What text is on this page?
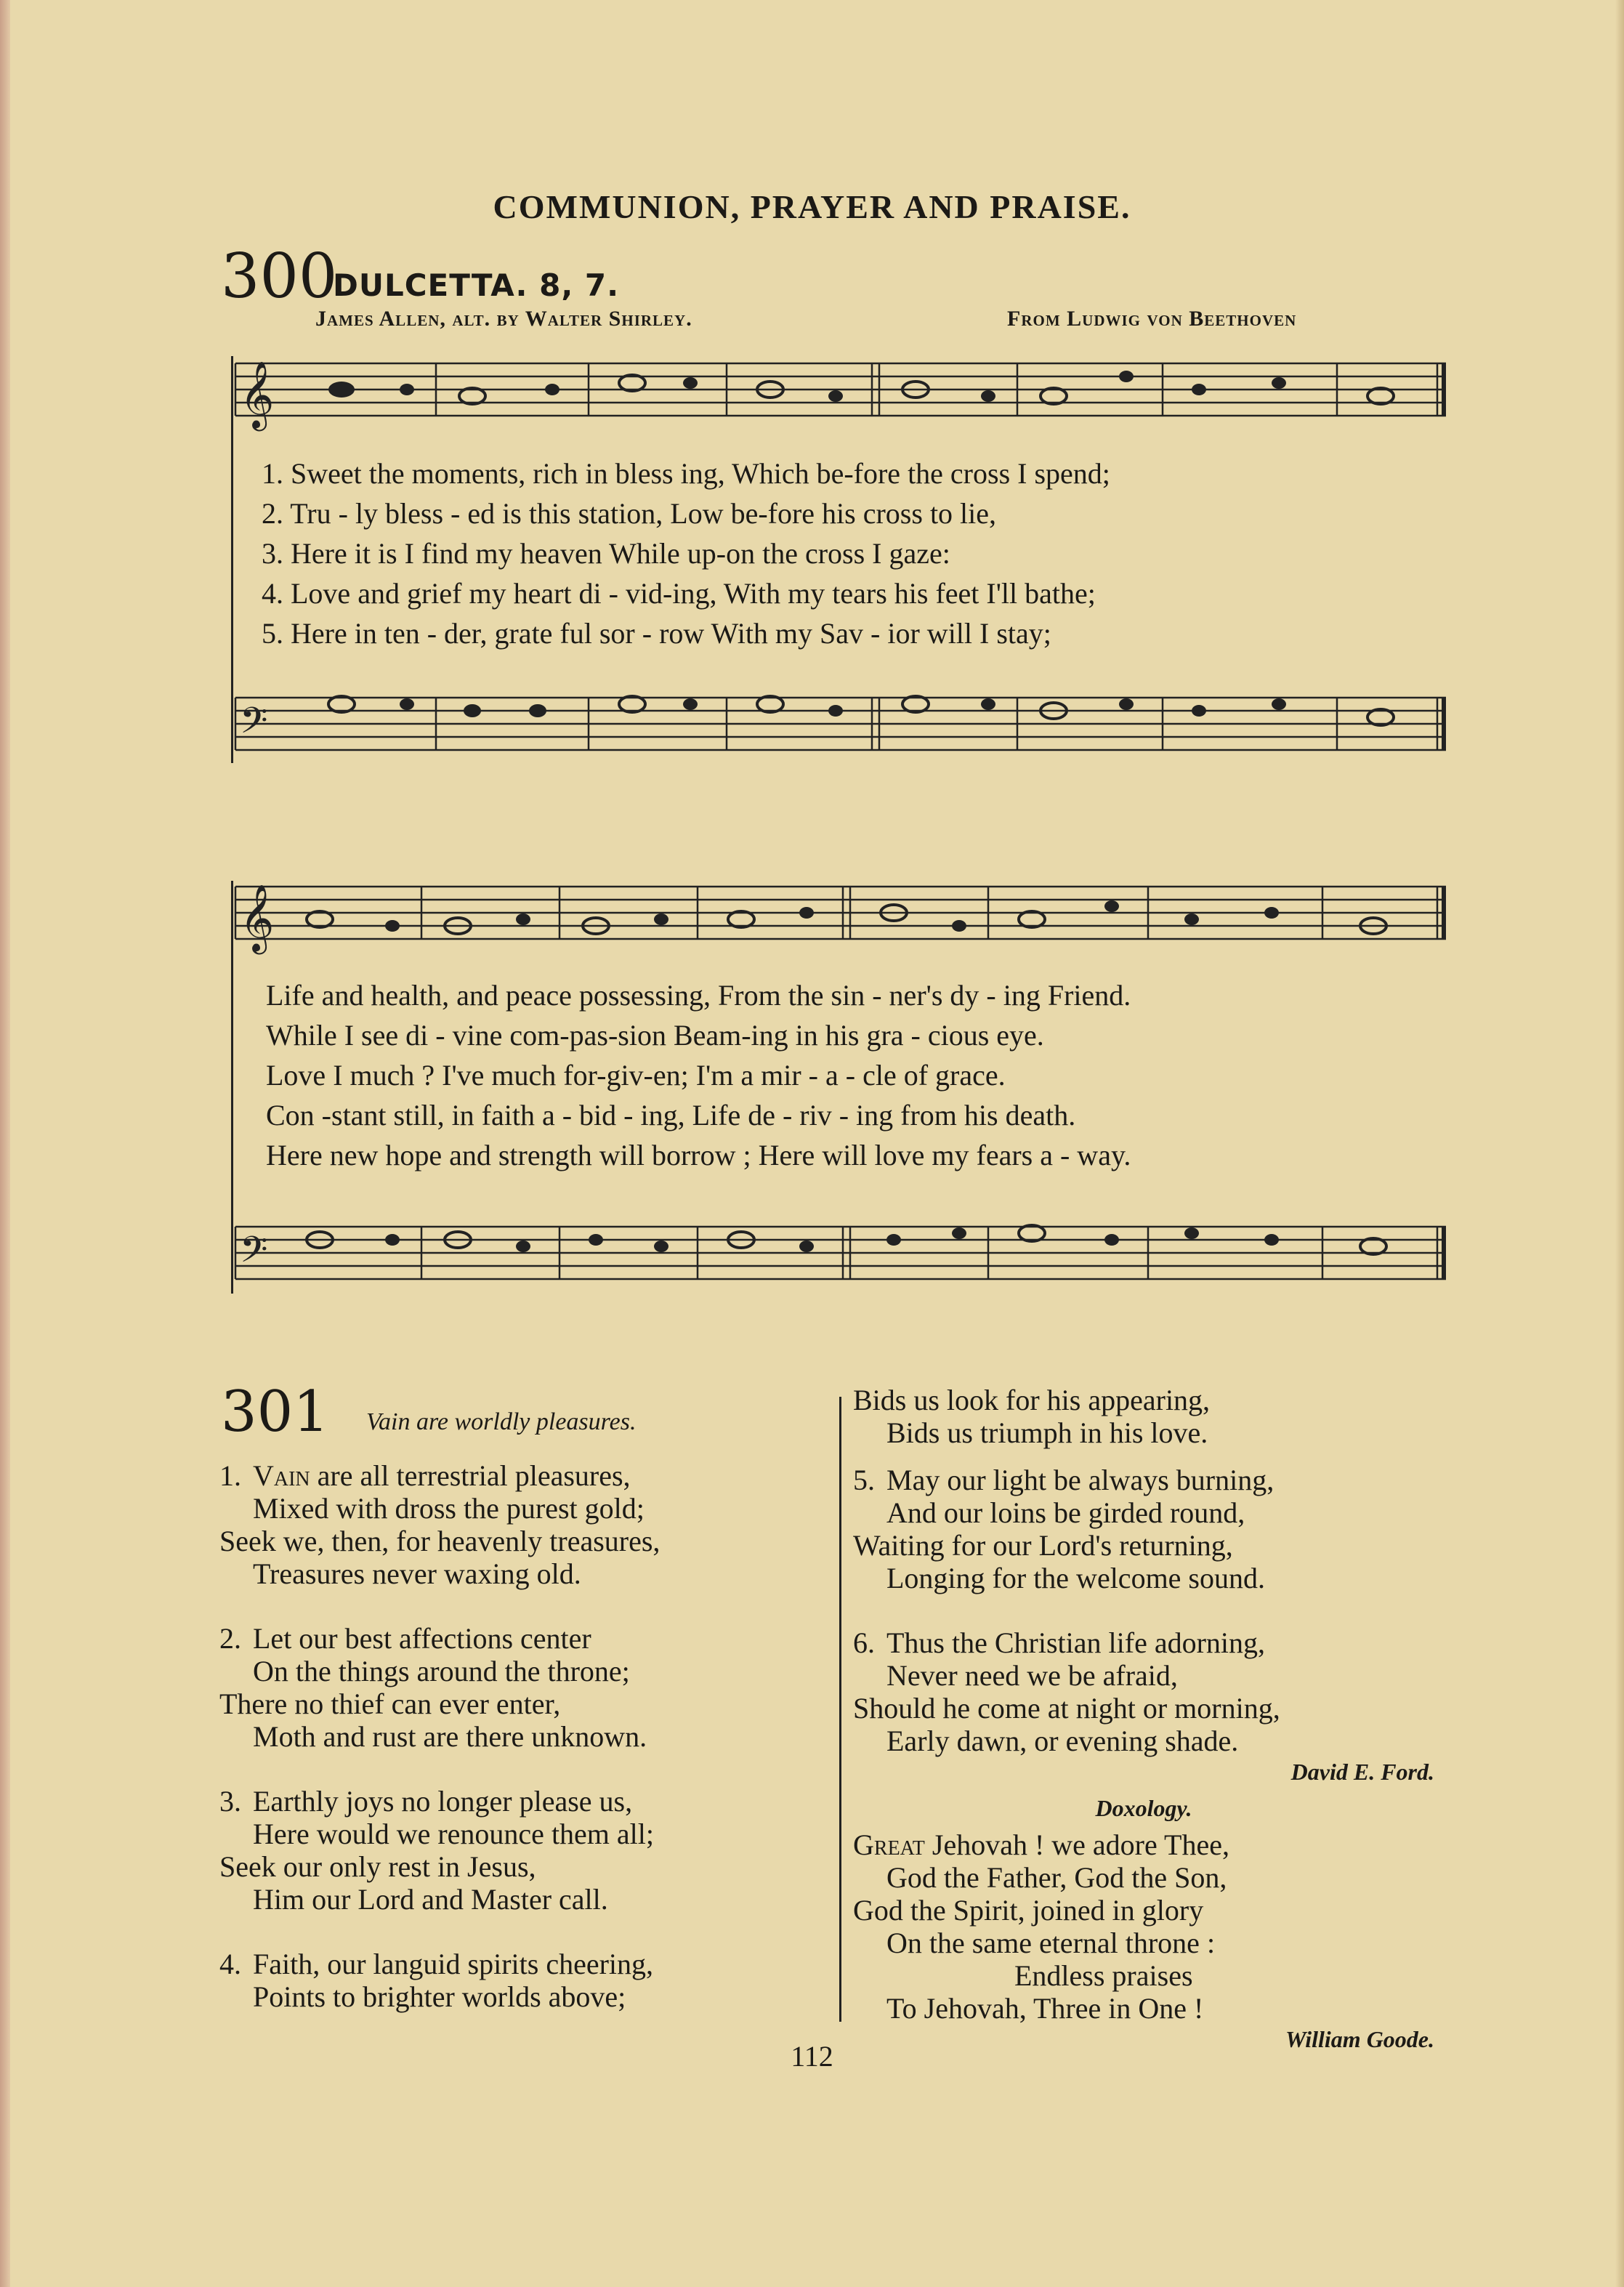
COMMUNION, PRAYER AND PRAISE.
300
DULCETTA. 8, 7.
James Allen, alt. by Walter Shirley.	From Ludwig von Beethoven
𝄞
𝄢
𝄞
𝄢
1. Sweet the moments, rich in bless ing, Which be-fore the cross I spend;
2. Tru - ly bless - ed is this station, Low be-fore his cross to lie,
3. Here it is I find my heaven While up-on the cross I gaze:
4. Love and grief my heart di - vid-ing, With my tears his feet I'll bathe;
5. Here in ten - der, grate ful sor - row With my Sav - ior will I stay;
Life and health, and peace possessing, From the sin - ner's dy - ing Friend.
While I see di - vine com-pas-sion Beam-ing in his gra - cious eye.
Love I much ? I've much for-giv-en; I'm a mir - a - cle of grace.
Con -stant still, in faith a - bid - ing, Life de - riv - ing from his death.
Here new hope and strength will borrow ; Here will love my fears a - way.
301 Vain are worldly pleasures.
1. Vain are all terrestrial pleasures,
Mixed with dross the purest gold;
Seek we, then, for heavenly treasures,
Treasures never waxing old.
2. Let our best affections center
On the things around the throne;
There no thief can ever enter,
Moth and rust are there unknown.
3. Earthly joys no longer please us,
Here would we renounce them all;
Seek our only rest in Jesus,
Him our Lord and Master call.
4. Faith, our languid spirits cheering,
Points to brighter worlds above;
Bids us look for his appearing,
Bids us triumph in his love.
5. May our light be always burning,
And our loins be girded round,
Waiting for our Lord's returning,
Longing for the welcome sound.
6. Thus the Christian life adorning,
Never need we be afraid,
Should he come at night or morning,
Early dawn, or evening shade.
David E. Ford.
Doxology.
Great Jehovah ! we adore Thee,
God the Father, God the Son,
God the Spirit, joined in glory
On the same eternal throne :
Endless praises
To Jehovah, Three in One !
William Goode.
112
